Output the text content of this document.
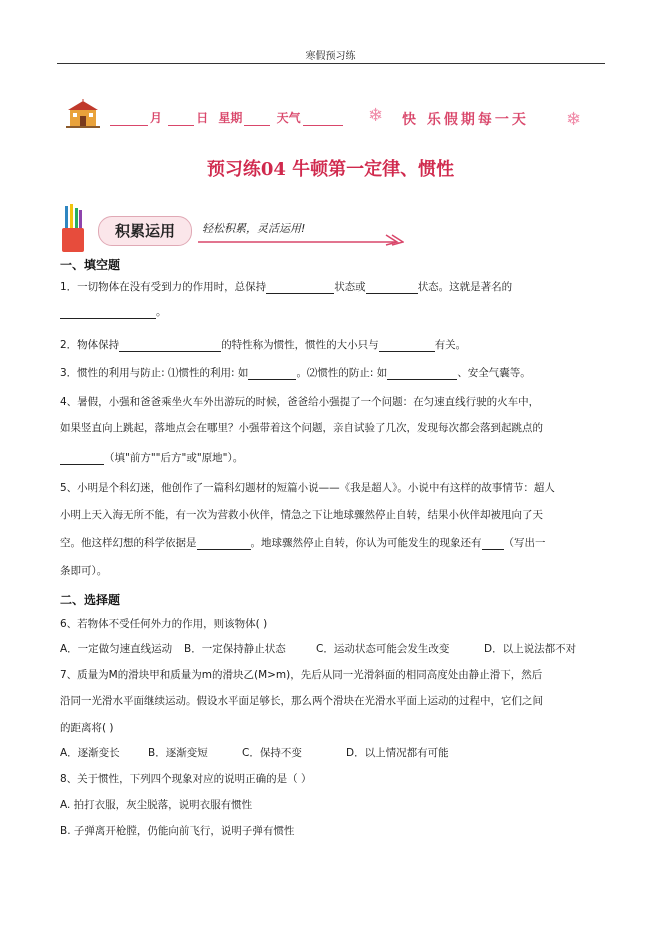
寒假预习练
月	日 星期	天气	❄ 快 乐假期每一天 ❄
预习练04 牛顿第一定律、惯性
积累运用	轻松积累，灵活运用!
一、填空题
1．一切物体在没有受到力的作用时，总保持	状态或	状态。这就是著名的
。
2．物体保持	的特性称为惯性，惯性的大小只与	有关。
3．惯性的利用与防止: ⑴惯性的利用: 如	。⑵惯性的防止: 如	、安全气囊等。
4、暑假，小强和爸爸乘坐火车外出游玩的时候，爸爸给小强提了一个问题：在匀速直线行驶的火车中，
如果竖直向上跳起，落地点会在哪里？小强带着这个问题，亲自试验了几次，发现每次都会落到起跳点的
（填"前方""后方"或"原地"）。
5、小明是个科幻迷，他创作了一篇科幻题材的短篇小说——《我是超人》。小说中有这样的故事情节：超人
小明上天入海无所不能，有一次为营救小伙伴，情急之下让地球骤然停止自转，结果小伙伴却被甩向了天
空。他这样幻想的科学依据是	。地球骤然停止自转，你认为可能发生的现象还有 （写出一
条即可）。
二、选择题
6、若物体不受任何外力的作用，则该物体( )
A．一定做匀速直线运动 B．一定保持静止状态	C．运动状态可能会发生改变	D．以上说法都不对
7、质量为M的滑块甲和质量为m的滑块乙(M>m)，先后从同一光滑斜面的相同高度处由静止滑下，然后
沿同一光滑水平面继续运动。假设水平面足够长，那么两个滑块在光滑水平面上运动的过程中，它们之间
的距离将( )
A．逐渐变长	B．逐渐变短	C．保持不变	D．以上情况都有可能
8、关于惯性，下列四个现象对应的说明正确的是（ ）
A. 拍打衣服，灰尘脱落，说明衣服有惯性
B. 子弹离开枪膛，仍能向前飞行，说明子弹有惯性
